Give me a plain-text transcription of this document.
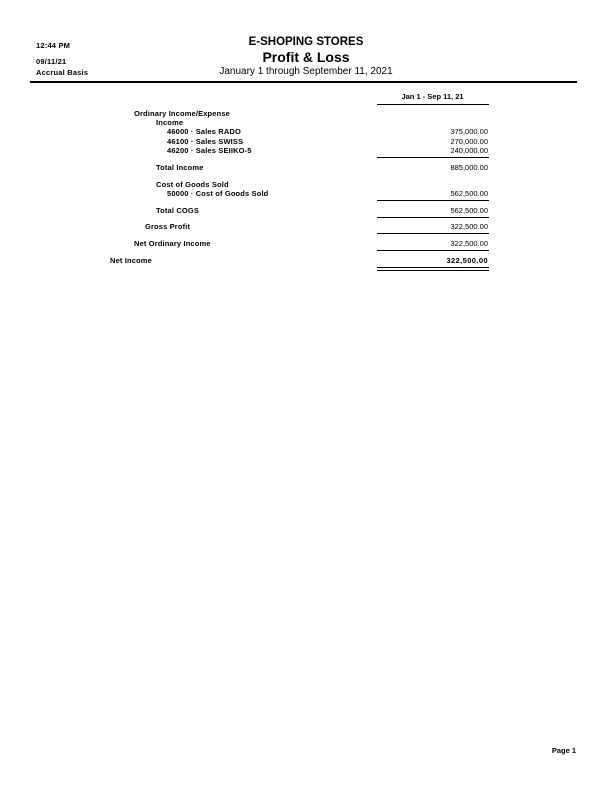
12:44 PM
09/11/21
Accrual Basis
E-SHOPING STORES
Profit & Loss
January 1 through September 11, 2021
Jan 1 - Sep 11, 21
Ordinary Income/Expense
Income
46000 · Sales RADO	375,000.00
46100 · Sales SWISS	270,000.00
46200 · Sales SEIIKO-5	240,000.00
Total Income	885,000.00
Cost of Goods Sold
50000 · Cost of Goods Sold	562,500.00
Total COGS	562,500.00
Gross Profit	322,500.00
Net Ordinary Income	322,500.00
Net Income	322,500.00
Page 1
